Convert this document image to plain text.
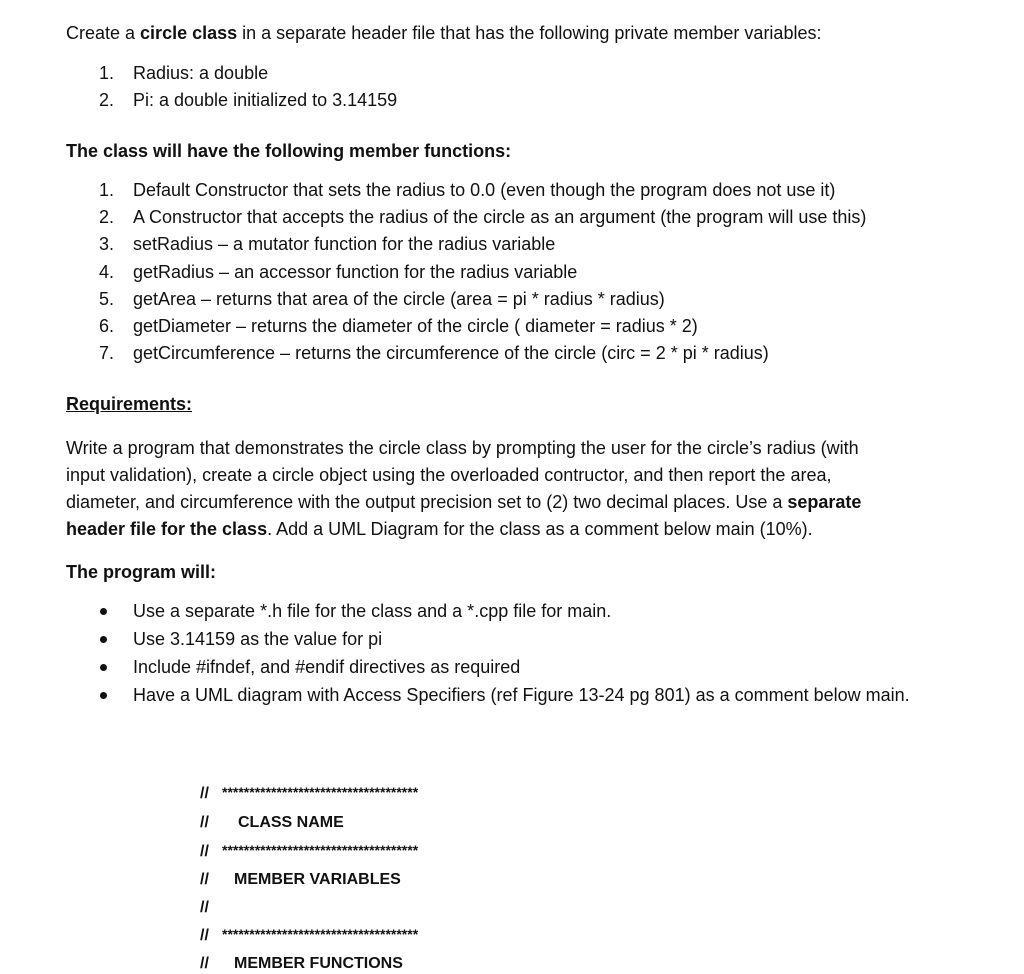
Create a circle class in a separate header file that has the following private member variables:
1. Radius: a double
2. Pi: a double initialized to 3.14159
The class will have the following member functions:
1. Default Constructor that sets the radius to 0.0 (even though the program does not use it)
2. A Constructor that accepts the radius of the circle as an argument (the program will use this)
3. setRadius – a mutator function for the radius variable
4. getRadius – an accessor function for the radius variable
5. getArea – returns that area of the circle (area = pi * radius * radius)
6. getDiameter – returns the diameter of the circle ( diameter = radius * 2)
7. getCircumference – returns the circumference of the circle (circ = 2 * pi * radius)
Requirements:
Write a program that demonstrates the circle class by prompting the user for the circle’s radius (with
input validation), create a circle object using the overloaded contructor, and then report the area,
diameter, and circumference with the output precision set to (2) two decimal places. Use a separate
header file for the class. Add a UML Diagram for the class as a comment below main (10%).
The program will:
Use a separate *.h file for the class and a *.cpp file for main.
Use 3.14159 as the value for pi
Include #ifndef, and #endif directives as required
Have a UML diagram with Access Specifiers (ref Figure 13-24 pg 801) as a comment below main.
// ************************************
// CLASS NAME
// ************************************
// MEMBER VARIABLES
//
// ************************************
// MEMBER FUNCTIONS
